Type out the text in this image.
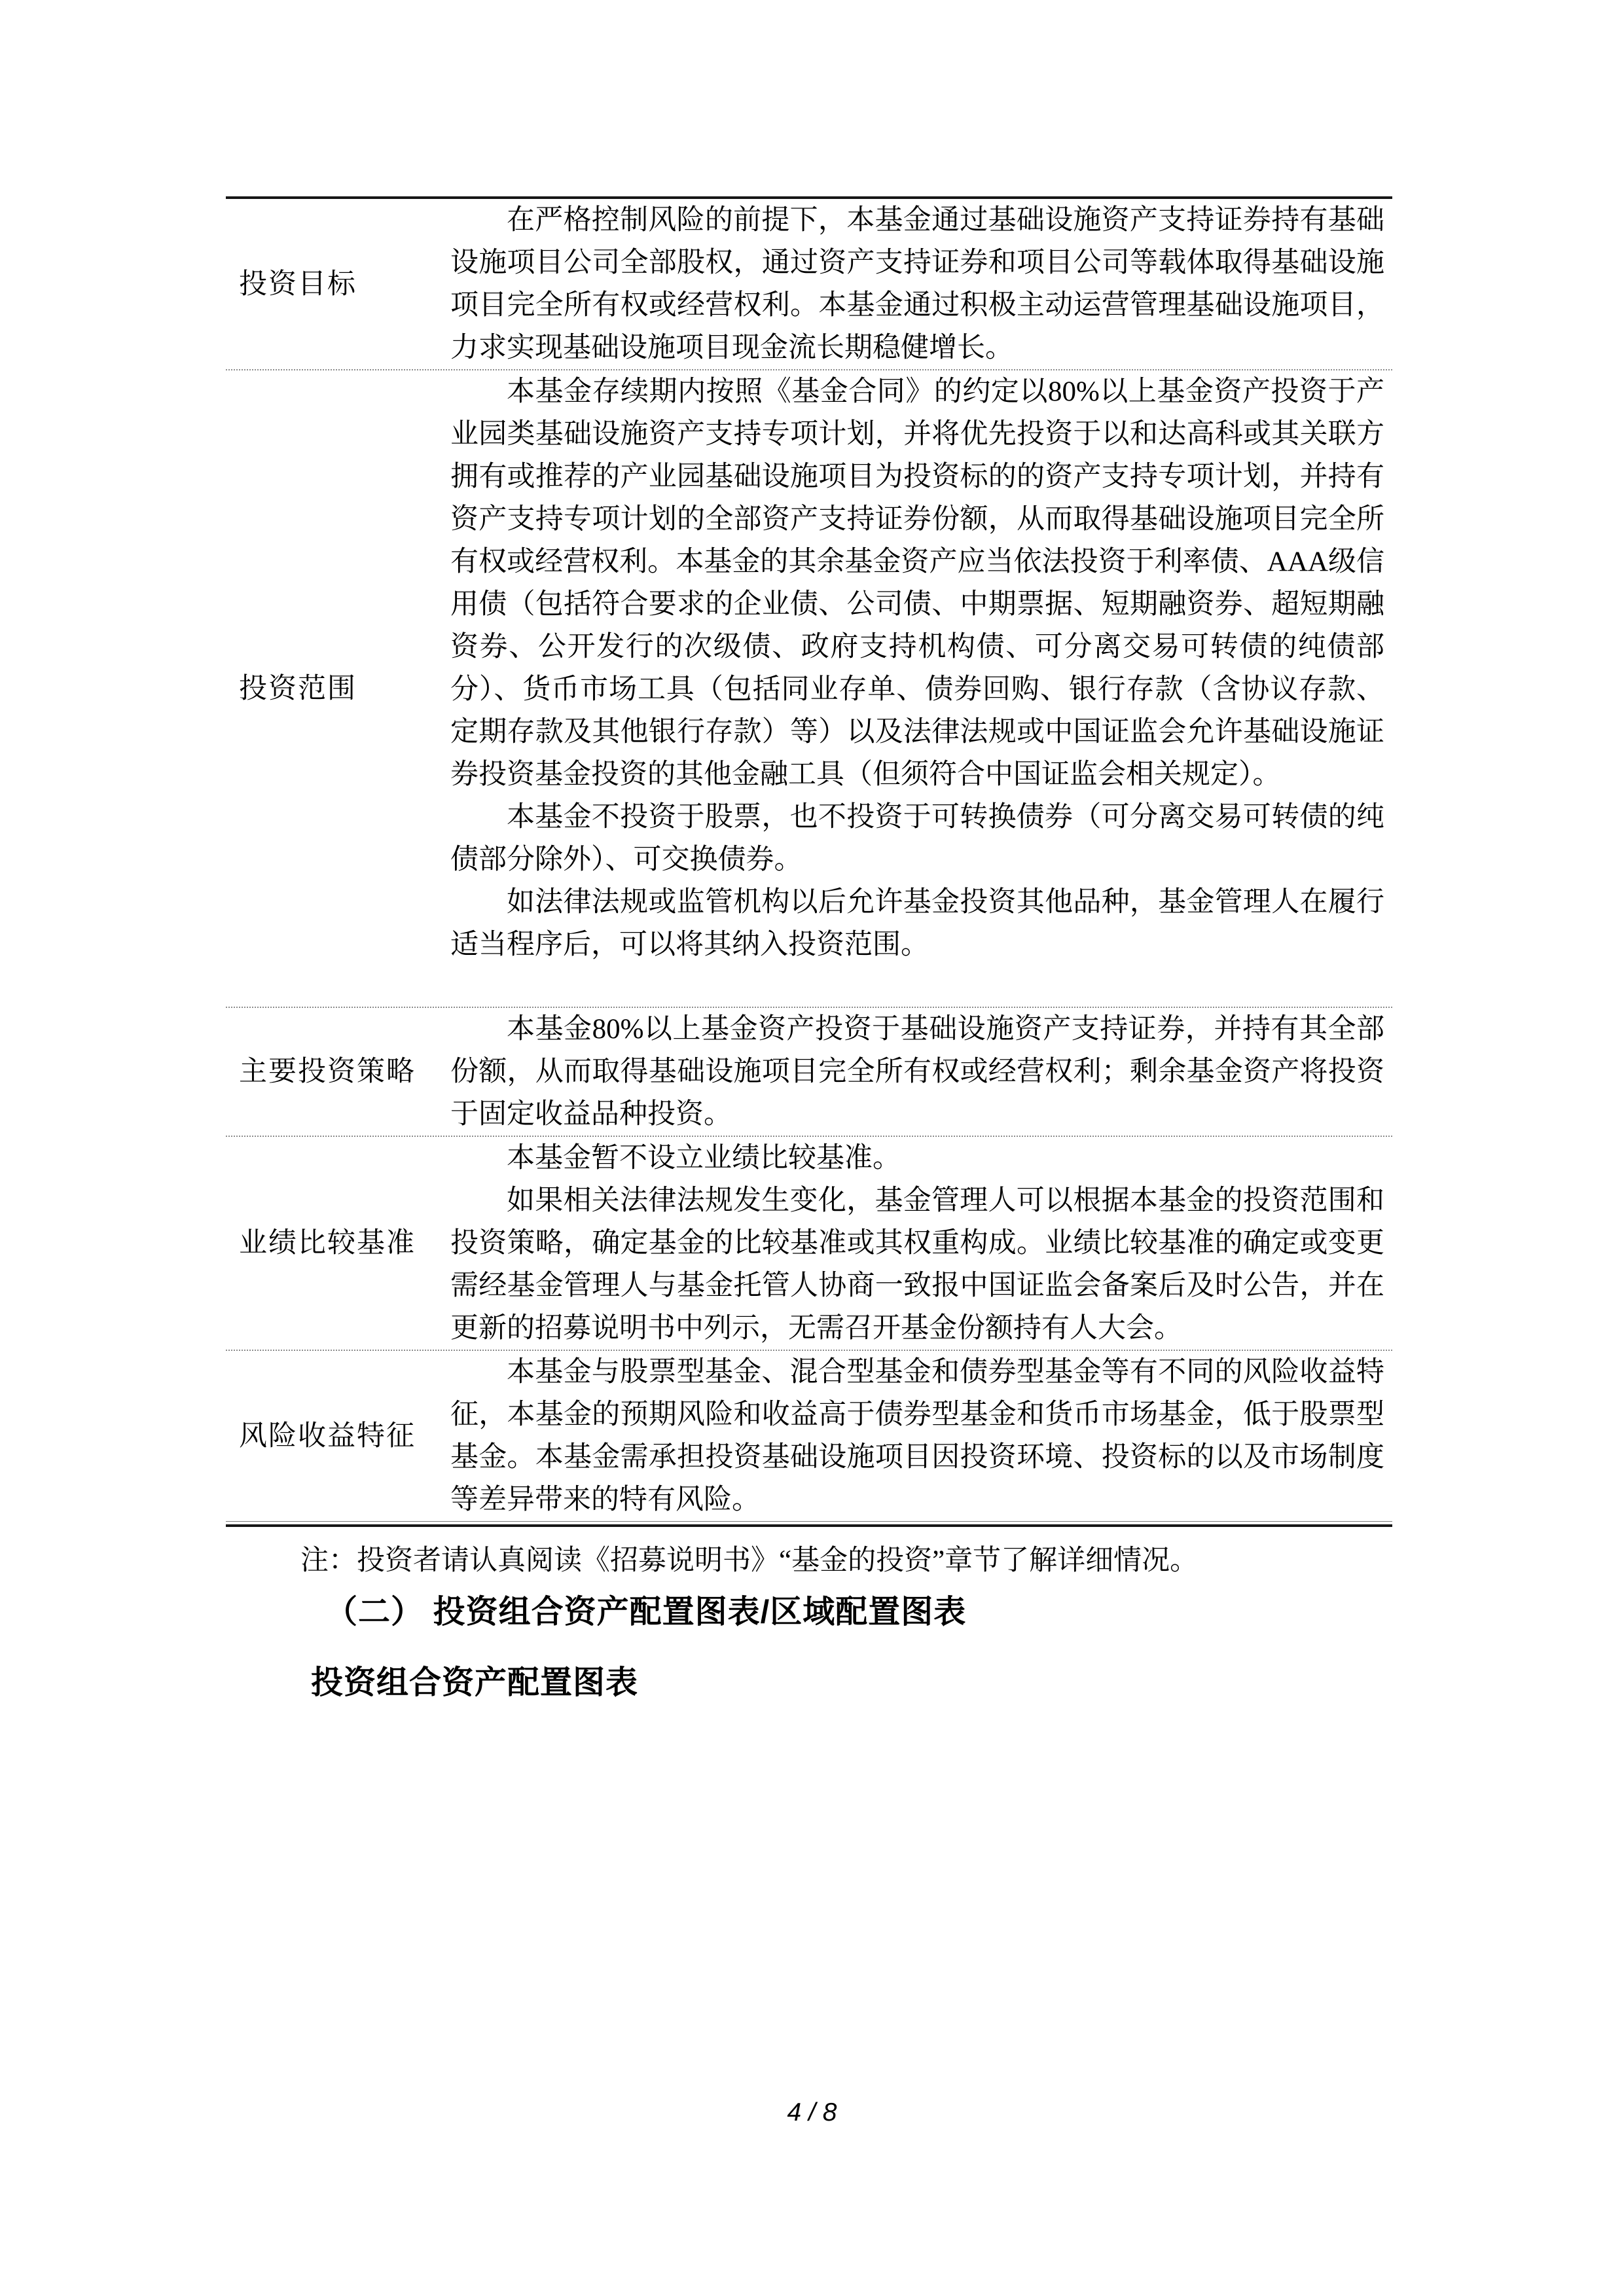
投资目标

在严格控制风险的前提下，本基金通过基础设施资产支持证券持有基础设施项目公司全部股权，通过资产支持证券和项目公司等载体取得基础设施项目完全所有权或经营权利。本基金通过积极主动运营管理基础设施项目，力求实现基础设施项目现金流长期稳健增长。

投资范围

本基金存续期内按照《基金合同》的约定以80%以上基金资产投资于产业园类基础设施资产支持专项计划，并将优先投资于以和达高科或其关联方拥有或推荐的产业园基础设施项目为投资标的的资产支持专项计划，并持有资产支持专项计划的全部资产支持证券份额，从而取得基础设施项目完全所有权或经营权利。本基金的其余基金资产应当依法投资于利率债、AAA级信用债（包括符合要求的企业债、公司债、中期票据、短期融资券、超短期融资券、公开发行的次级债、政府支持机构债、可分离交易可转债的纯债部分）、货币市场工具（包括同业存单、债券回购、银行存款（含协议存款、定期存款及其他银行存款）等）以及法律法规或中国证监会允许基础设施证券投资基金投资的其他金融工具（但须符合中国证监会相关规定）。

本基金不投资于股票，也不投资于可转换债券（可分离交易可转债的纯债部分除外）、可交换债券。

如法律法规或监管机构以后允许基金投资其他品种，基金管理人在履行适当程序后，可以将其纳入投资范围。

主要投资策略

本基金80%以上基金资产投资于基础设施资产支持证券，并持有其全部份额，从而取得基础设施项目完全所有权或经营权利；剩余基金资产将投资于固定收益品种投资。

业绩比较基准

本基金暂不设立业绩比较基准。

如果相关法律法规发生变化，基金管理人可以根据本基金的投资范围和投资策略，确定基金的比较基准或其权重构成。业绩比较基准的确定或变更需经基金管理人与基金托管人协商一致报中国证监会备案后及时公告，并在更新的招募说明书中列示，无需召开基金份额持有人大会。

风险收益特征

本基金与股票型基金、混合型基金和债券型基金等有不同的风险收益特征，本基金的预期风险和收益高于债券型基金和货币市场基金，低于股票型基金。本基金需承担投资基础设施项目因投资环境、投资标的以及市场制度等差异带来的特有风险。

注：投资者请认真阅读《招募说明书》“基金的投资”章节了解详细情况。
（二） 投资组合资产配置图表/区域配置图表
投资组合资产配置图表
4 / 8
